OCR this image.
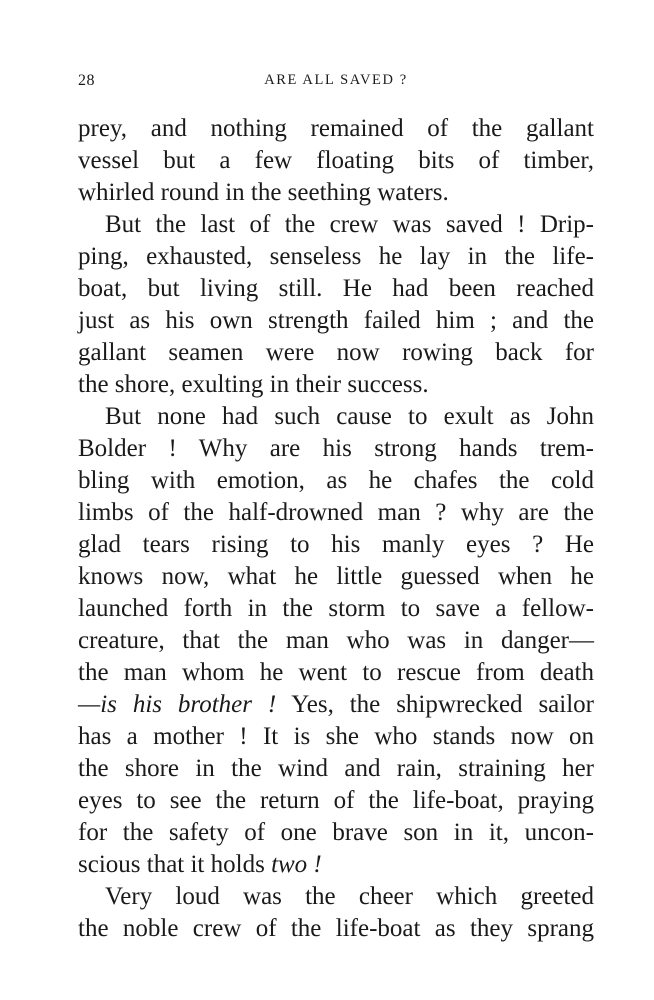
28	ARE ALL SAVED ?
prey, and nothing remained of the gallant
vessel but a few floating bits of timber,
whirled round in the seething waters.
But the last of the crew was saved ! Drip-
ping, exhausted, senseless he lay in the life-
boat, but living still. He had been reached
just as his own strength failed him ; and the
gallant seamen were now rowing back for
the shore, exulting in their success.
But none had such cause to exult as John
Bolder ! Why are his strong hands trem-
bling with emotion, as he chafes the cold
limbs of the half-drowned man ? why are the
glad tears rising to his manly eyes ? He
knows now, what he little guessed when he
launched forth in the storm to save a fellow-
creature, that the man who was in danger—
the man whom he went to rescue from death
—is his brother ! Yes, the shipwrecked sailor
has a mother ! It is she who stands now on
the shore in the wind and rain, straining her
eyes to see the return of the life-boat, praying
for the safety of one brave son in it, uncon-
scious that it holds two !
Very loud was the cheer which greeted
the noble crew of the life-boat as they sprang
